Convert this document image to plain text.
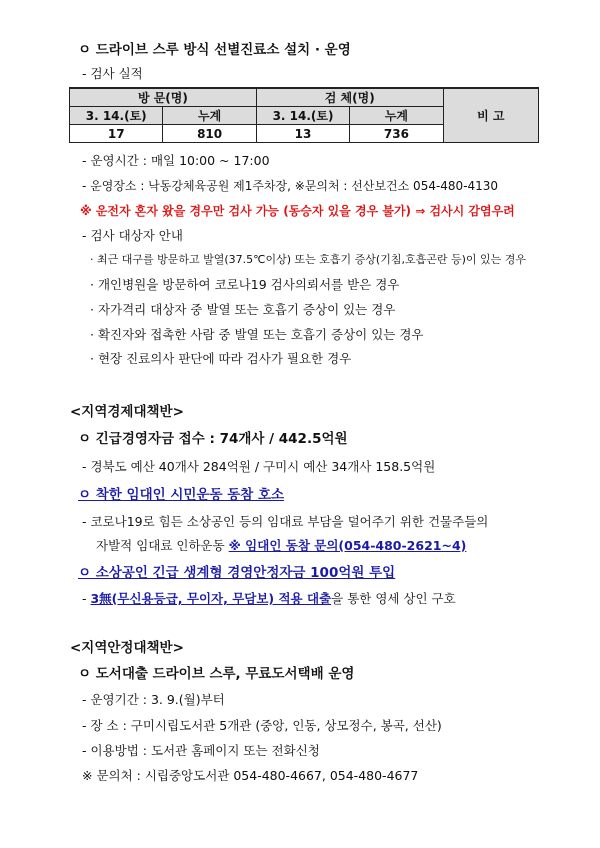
ㅇ 드라이브 스루 방식 선별진료소 설치 · 운영
- 검사 실적
방 문(명)		검 체(명)		비 고
3. 14.(토)	누계	3. 14.(토)	누계	
17	810	13	736	
- 운영시간 : 매일 10:00 ~ 17:00
- 운영장소 : 낙동강체육공원 제1주차장, ※문의처 : 선산보건소 054-480-4130
※ 운전자 혼자 왔을 경우만 검사 가능 (동승자 있을 경우 불가) ⇒ 검사시 감염우려
- 검사 대상자 안내
· 최근 대구를 방문하고 발열(37.5℃이상) 또는 호흡기 증상(기침,호흡곤란 등)이 있는 경우
· 개인병원을 방문하여 코로나19 검사의뢰서를 받은 경우
· 자가격리 대상자 중 발열 또는 호흡기 증상이 있는 경우
· 확진자와 접촉한 사람 중 발열 또는 호흡기 증상이 있는 경우
· 현장 진료의사 판단에 따라 검사가 필요한 경우
<지역경제대책반>
ㅇ 긴급경영자금 접수 : 74개사 / 442.5억원
- 경북도 예산 40개사 284억원 / 구미시 예산 34개사 158.5억원
ㅇ 착한 임대인 시민운동 동참 호소
- 코로나19로 힘든 소상공인 등의 임대료 부담을 덜어주기 위한 건물주들의
자발적 임대료 인하운동 ※ 임대인 동참 문의(054-480-2621~4)
ㅇ 소상공인 긴급 생계형 경영안정자금 100억원 투입
- 3無(무신용등급, 무이자, 무담보) 적용 대출을 통한 영세 상인 구호
<지역안정대책반>
ㅇ 도서대출 드라이브 스루, 무료도서택배 운영
- 운영기간 : 3. 9.(월)부터
- 장 소 : 구미시립도서관 5개관 (중앙, 인동, 상모정수, 봉곡, 선산)
- 이용방법 : 도서관 홈페이지 또는 전화신청
※ 문의처 : 시립중앙도서관 054-480-4667, 054-480-4677
